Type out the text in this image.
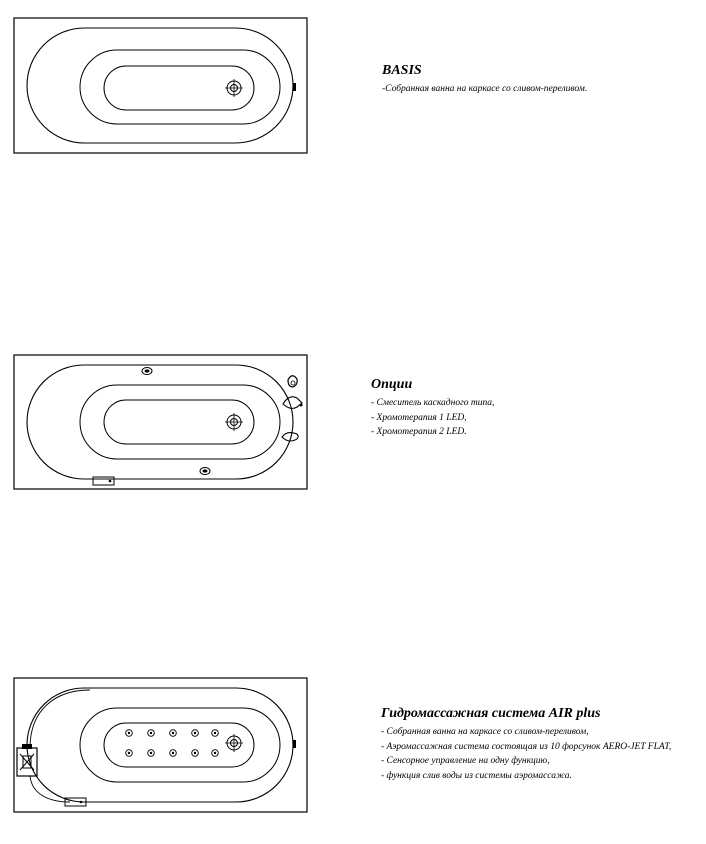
BASIS
-Собранная ванна на каркасе со сливом-переливом.
Опции
- Смеситель каскадного типа,
- Хромотерапия 1 LED,
- Хромотерапия 2 LED.
Гидромассажная система AIR plus
- Собранная ванна на каркасе со сливом-переливом,
- Аэромассажная система состоящая из 10 форсунок AERO-JET FLAT,
- Сенсорное управление на одну функцию,
- функция слив воды из системы аэромассажа.
